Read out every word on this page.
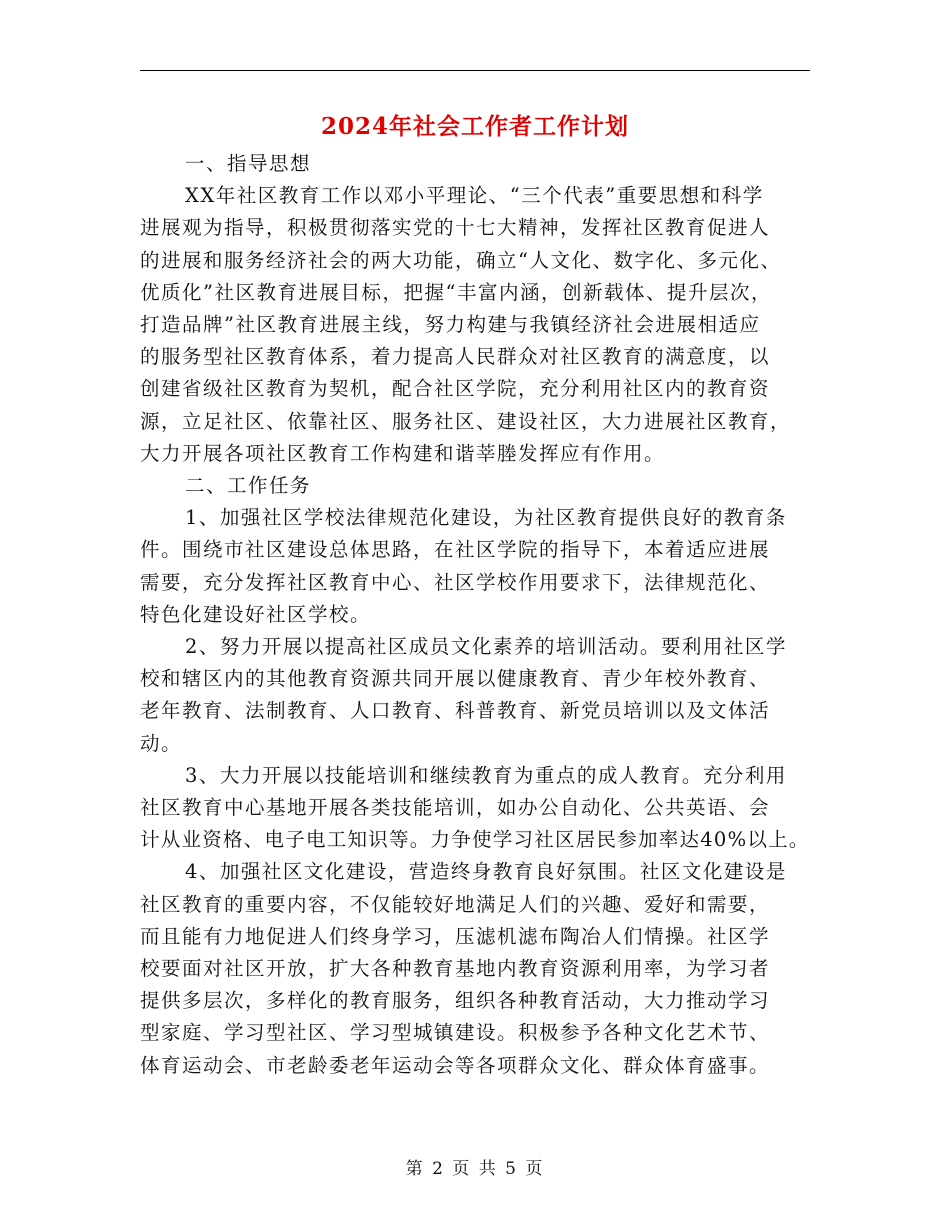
2024年社会工作者工作计划
一、指导思想
XX年社区教育工作以邓小平理论、“三个代表”重要思想和科学
进展观为指导，积极贯彻落实党的十七大精神，发挥社区教育促进人
的进展和服务经济社会的两大功能，确立“人文化、数字化、多元化、
优质化”社区教育进展目标，把握“丰富内涵，创新载体、提升层次，
打造品牌”社区教育进展主线，努力构建与我镇经济社会进展相适应
的服务型社区教育体系，着力提高人民群众对社区教育的满意度，以
创建省级社区教育为契机，配合社区学院，充分利用社区内的教育资
源，立足社区、依靠社区、服务社区、建设社区，大力进展社区教育，
大力开展各项社区教育工作构建和谐莘塍发挥应有作用。
二、工作任务
1、加强社区学校法律规范化建设，为社区教育提供良好的教育条
件。围绕市社区建设总体思路，在社区学院的指导下，本着适应进展
需要，充分发挥社区教育中心、社区学校作用要求下，法律规范化、
特色化建设好社区学校。
2、努力开展以提高社区成员文化素养的培训活动。要利用社区学
校和辖区内的其他教育资源共同开展以健康教育、青少年校外教育、
老年教育、法制教育、人口教育、科普教育、新党员培训以及文体活
动。
3、大力开展以技能培训和继续教育为重点的成人教育。充分利用
社区教育中心基地开展各类技能培训，如办公自动化、公共英语、会
计从业资格、电子电工知识等。力争使学习社区居民参加率达40%以上。
4、加强社区文化建设，营造终身教育良好氛围。社区文化建设是
社区教育的重要内容，不仅能较好地满足人们的兴趣、爱好和需要，
而且能有力地促进人们终身学习，压滤机滤布陶冶人们情操。社区学
校要面对社区开放，扩大各种教育基地内教育资源利用率，为学习者
提供多层次，多样化的教育服务，组织各种教育活动，大力推动学习
型家庭、学习型社区、学习型城镇建设。积极参予各种文化艺术节、
体育运动会、市老龄委老年运动会等各项群众文化、群众体育盛事。
第 2 页 共 5 页
